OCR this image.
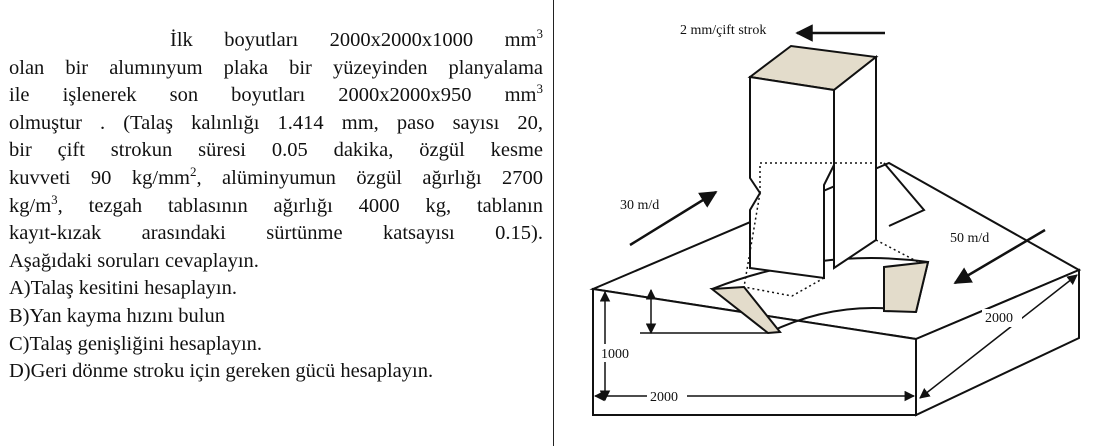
İlk boyutları 2000x2000x1000 $mm^3$
olan bir alumınyum plaka bir yüzeyinden planyalama
ile işlenerek son boyutları 2000x2000x950 $mm^3$
olmuştur . (Talaş kalınlığı 1.414 mm, paso sayısı 20,
bir çift strokun süresi 0.05 dakika, özgül kesme
kuvveti 90 $kg/mm^2$, alüminyumun özgül ağırlığı 2700
$kg/m^3$, tezgah tablasının ağırlığı 4000 kg, tablanın
kayıt-kızak arasındaki sürtünme katsayısı 0.15).
Aşağıdaki soruları cevaplayın.
A)Talaş kesitini hesaplayın.
B)Yan kayma hızını bulun
C)Talaş genişliğini hesaplayın.
D)Geri dönme stroku için gereken gücü hesaplayın.
2 mm/çift strok
30 m/d
50 m/d
1000
2000
2000
